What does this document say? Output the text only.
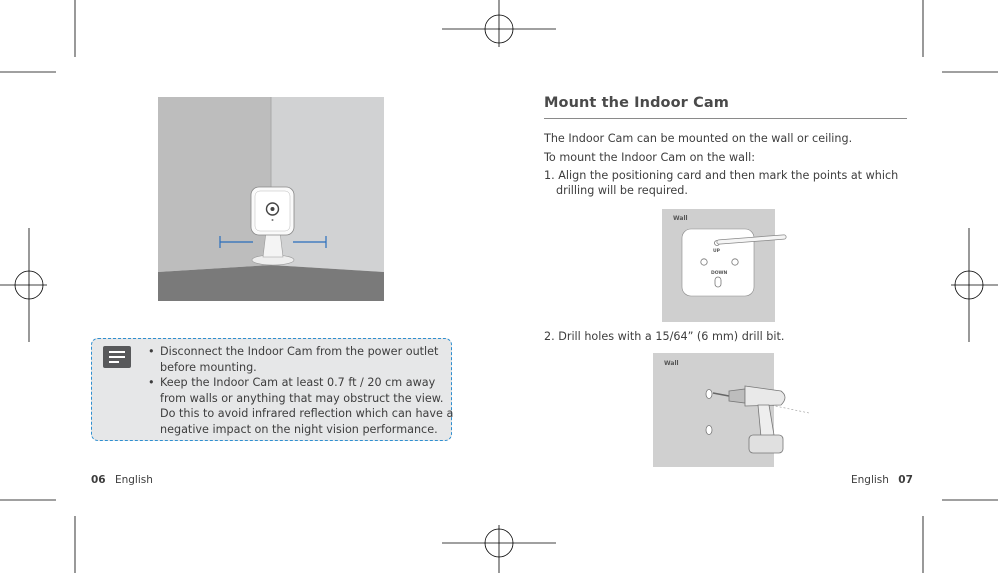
• Disconnect the Indoor Cam from the power outlet
before mounting.
• Keep the Indoor Cam at least 0.7 ft / 20 cm away
from walls or anything that may obstruct the view.
Do this to avoid infrared reflection which can have a
negative impact on the night vision performance.
Mount the Indoor Cam
The Indoor Cam can be mounted on the wall or ceiling.
To mount the Indoor Cam on the wall:
1. Align the positioning card and then mark the points at which
drilling will be required.
Wall
UP
DOWN
2. Drill holes with a 15/64” (6 mm) drill bit.
Wall
06 English	English 07
